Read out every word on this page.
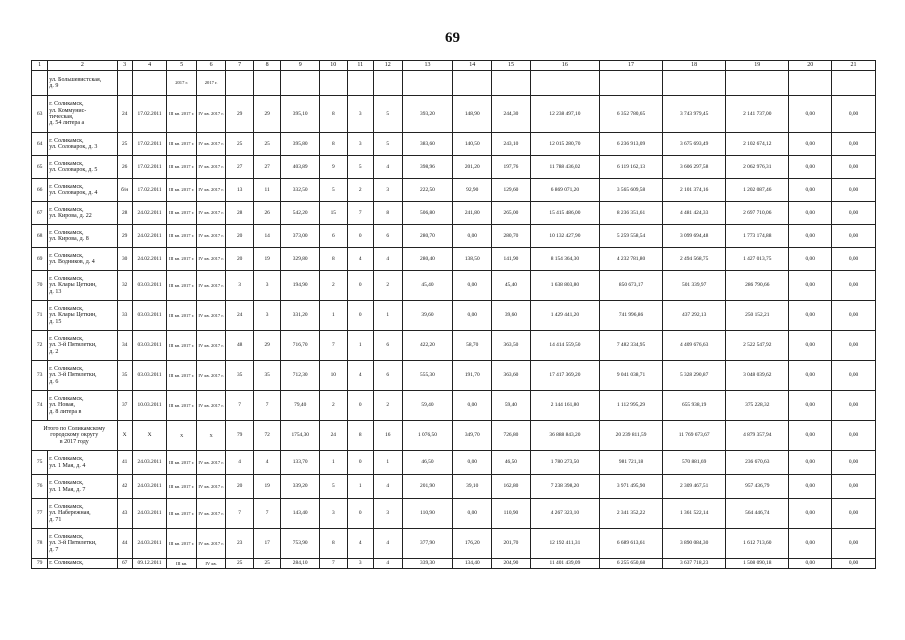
69
1	2	3	4	5	6	7	8	9	10	11	12	13	14	15	16	17	18	19	20	21

	ул. Большевистская,
д. 9			2017 г.	2017 г.															
63	г. Соликамск,
ул. Коммунис-
тическая,
д. 54 литера а	24	17.02.2011	III кв. 2017 г.	IV кв. 2017 г.	29	29	395,10	8	3	5	393,20	148,90	244,30	12 238 497,10	6 352 780,65	3 743 979,45	2 141 737,00	0,00	0,00
64	г. Соликамск,
ул. Соловарок, д. 3	25	17.02.2011	III кв. 2017 г.	IV кв. 2017 г.	25	25	395,80	8	3	5	383,60	140,50	243,10	12 015 280,70	6 236 913,09	3 675 693,49	2 102 674,12	0,00	0,00
65	г. Соликамск,
ул. Соловарок, д. 5	26	17.02.2011	III кв. 2017 г.	IV кв. 2017 г.	27	27	403,89	9	5	4	398,96	201,20	197,76	11 788 436,02	6 119 162,13	3 606 297,58	2 062 976,31	0,00	0,00
66	г. Соликамск,
ул. Соловарок, д. 4	б/н	17.02.2011	III кв. 2017 г.	IV кв. 2017 г.	13	11	332,50	5	2	3	222,50	92,90	129,60	6 869 071,20	3 565 609,58	2 101 374,16	1 202 087,46	0,00	0,00
67	г. Соликамск,
ул. Кирова, д. 22	28	24.02.2011	III кв. 2017 г.	IV кв. 2017 г.	28	26	542,20	15	7	8	506,80	241,80	265,00	15 415 486,00	8 236 351,61	4 481 424,33	2 697 710,06	0,00	0,00
68	г. Соликамск,
ул. Кирова, д. 8	29	24.02.2011	III кв. 2017 г.	IV кв. 2017 г.	20	14	373,00	6	0	6	280,70	0,00	280,70	10 132 427,90	5 259 558,54	3 099 694,48	1 773 174,88	0,00	0,00
69	г. Соликамск,
ул. Водников, д. 4	30	24.02.2011	III кв. 2017 г.	IV кв. 2017 г.	20	19	329,80	8	4	4	280,40	138,50	141,90	8 154 364,30	4 232 781,80	2 494 568,75	1 427 013,75	0,00	0,00
70	г. Соликамск,
ул. Клары Цеткин,
д. 13	32	03.03.2011	III кв. 2017 г.	IV кв. 2017 г.	3	3	194,90	2	0	2	45,40	0,00	45,40	1 638 803,80	850 673,17	501 339,97	286 790,66	0,00	0,00
71	г. Соликамск,
ул. Клары Цеткин,
д. 15	33	03.03.2011	III кв. 2017 г.	IV кв. 2017 г.	24	3	331,20	1	0	1	39,60	0,00	39,60	1 429 441,20	741 996,86	437 292,13	250 152,21	0,00	0,00
72	г. Соликамск,
ул. 3-й Пятилетки,
д. 2	34	03.03.2011	III кв. 2017 г.	IV кв. 2017 г.	48	29	716,70	7	1	6	422,20	58,70	363,50	14 414 559,50	7 482 334,95	4 409 676,63	2 522 547,92	0,00	0,00
73	г. Соликамск,
ул. 3-й Пятилетки,
д. 6	35	03.03.2011	III кв. 2017 г.	IV кв. 2017 г.	35	35	712,30	10	4	6	555,30	191,70	363,60	17 417 369,20	9 041 038,71	5 328 290,87	3 048 039,62	0,00	0,00
74	г. Соликамск,
ул. Новая,
д. 8 литера в	37	10.03.2011	III кв. 2017 г.	IV кв. 2017 г.	7	7	79,40	2	0	2	59,40	0,00	59,40	2 144 161,80	1 112 995,29	655 938,19	375 228,32	0,00	0,00

Итого по Соликамскому
городскому округу
в 2017 году		X	X	X	X	79	72	1754,30	24	8	16	1 076,50	349,70	726,80	36 888 843,20	20 239 811,59	11 769 673,67	4 879 357,94	0,00	0,00
75	г. Соликамск,
ул. 1 Мая, д. 4	41	24.03.2011	III кв. 2017 г.	IV кв. 2017 г.	4	4	133,70	1	0	1	46,50	0,00	46,50	1 780 273,50	981 721,18	570 881,69	236 670,63	0,00	0,00
76	г. Соликамск,
ул. 1 Мая, д. 7	42	24.03.2011	III кв. 2017 г.	IV кв. 2017 г.	20	19	339,20	5	1	4	201,90	39,10	162,80	7 238 398,20	3 971 495,90	2 309 467,51	957 436,79	0,00	0,00
77	г. Соликамск,
ул. Набережная,
д. 71	43	24.03.2011	III кв. 2017 г.	IV кв. 2017 г.	7	7	143,40	3	0	3	110,90	0,00	110,90	4 267 323,10	2 341 352,22	1 361 522,14	564 446,74	0,00	0,00
78	г. Соликамск,
ул. 3-й Пятилетки,
д. 7	44	24.03.2011	III кв. 2017 г.	IV кв. 2017 г.	23	17	753,90	8	4	4	377,90	176,20	201,70	12 192 411,31	6 689 613,61	3 890 084,30	1 612 713,60	0,00	0,00
79	г. Соликамск,	67	09.12.2011	III кв.	IV кв.	25	25	284,10	7	3	4	339,30	134,40	204,90	11 401 439,09	6 255 650,68	3 637 718,23	1 508 090,18	0,00	0,00
